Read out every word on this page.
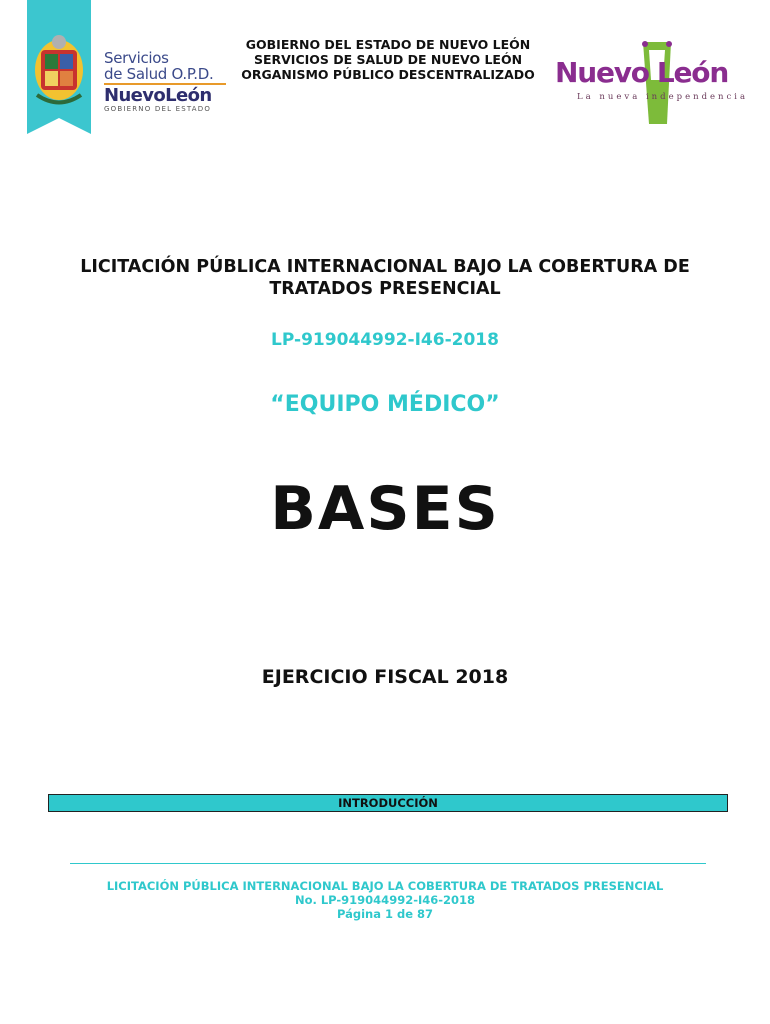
Servicios
de Salud O.P.D.
NuevoLeón
GOBIERNO DEL ESTADO
GOBIERNO DEL ESTADO DE NUEVO LEÓN
SERVICIOS DE SALUD DE NUEVO LEÓN
ORGANISMO PÚBLICO DESCENTRALIZADO Nuevo León
La nueva independencia
LICITACIÓN PÚBLICA INTERNACIONAL BAJO LA COBERTURA DE
TRATADOS PRESENCIAL
LP-919044992-I46-2018
“EQUIPO MÉDICO”
BASES
EJERCICIO FISCAL 2018
INTRODUCCIÓN
LICITACIÓN PÚBLICA INTERNACIONAL BAJO LA COBERTURA DE TRATADOS PRESENCIAL
No. LP-919044992-I46-2018
Página 1 de 87
